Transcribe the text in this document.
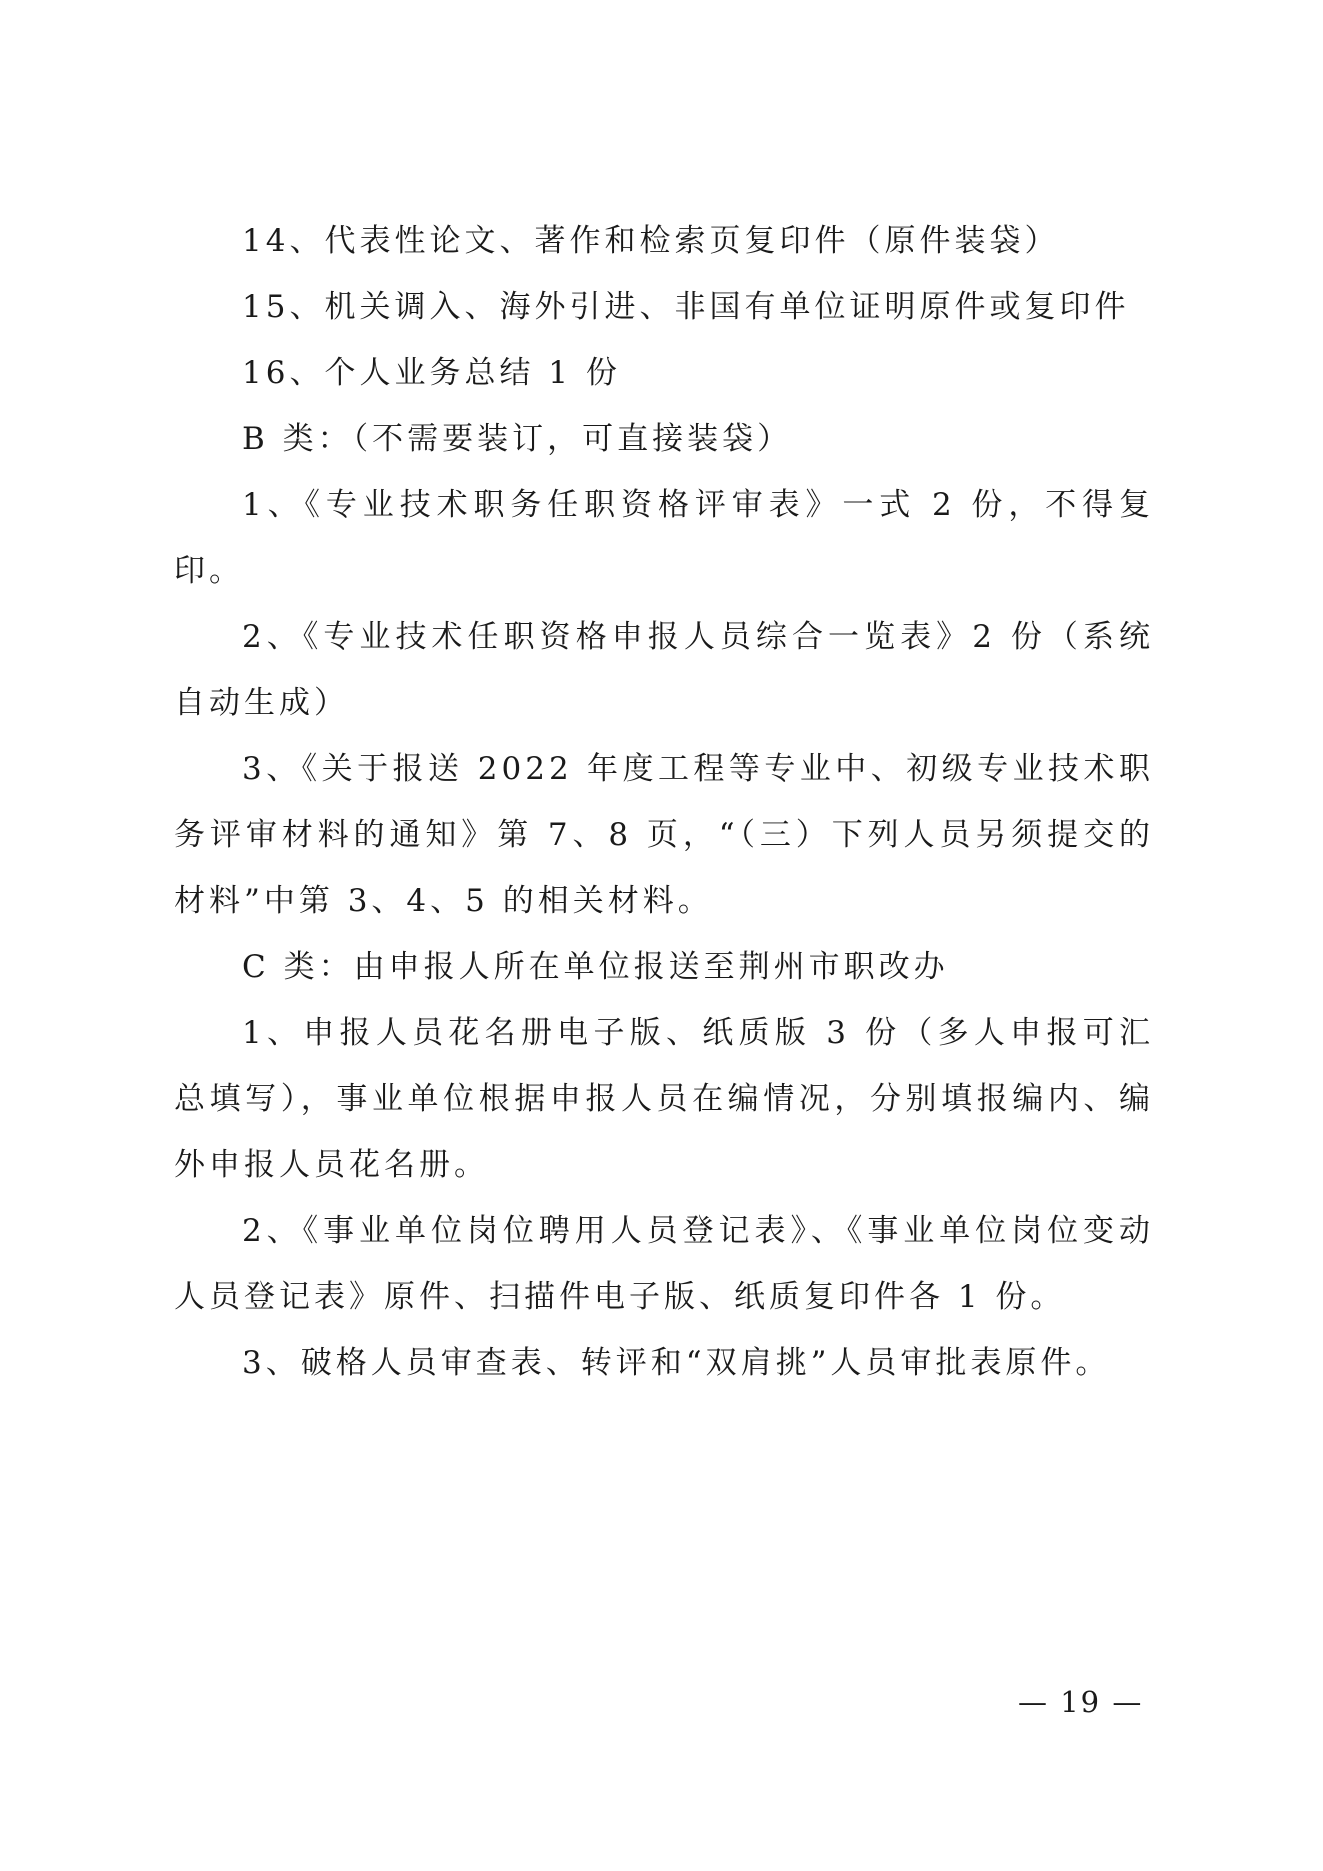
14、代表性论文、著作和检索页复印件（原件装袋）

15、机关调入、海外引进、非国有单位证明原件或复印件

16、个人业务总结 1 份

B 类：（不需要装订，可直接装袋）

1、《专业技术职务任职资格评审表》一式 2 份，不得复印。

2、《专业技术任职资格申报人员综合一览表》2 份（系统自动生成）

3、《关于报送 2022 年度工程等专业中、初级专业技术职务评审材料的通知》第 7、8 页，“（三）下列人员另须提交的材料”中第 3、4、5 的相关材料。

C 类：由申报人所在单位报送至荆州市职改办

1、申报人员花名册电子版、纸质版 3 份（多人申报可汇总填写），事业单位根据申报人员在编情况，分别填报编内、编外申报人员花名册。

2、《事业单位岗位聘用人员登记表》、《事业单位岗位变动人员登记表》原件、扫描件电子版、纸质复印件各 1 份。

3、破格人员审查表、转评和“双肩挑”人员审批表原件。

— 19 —
